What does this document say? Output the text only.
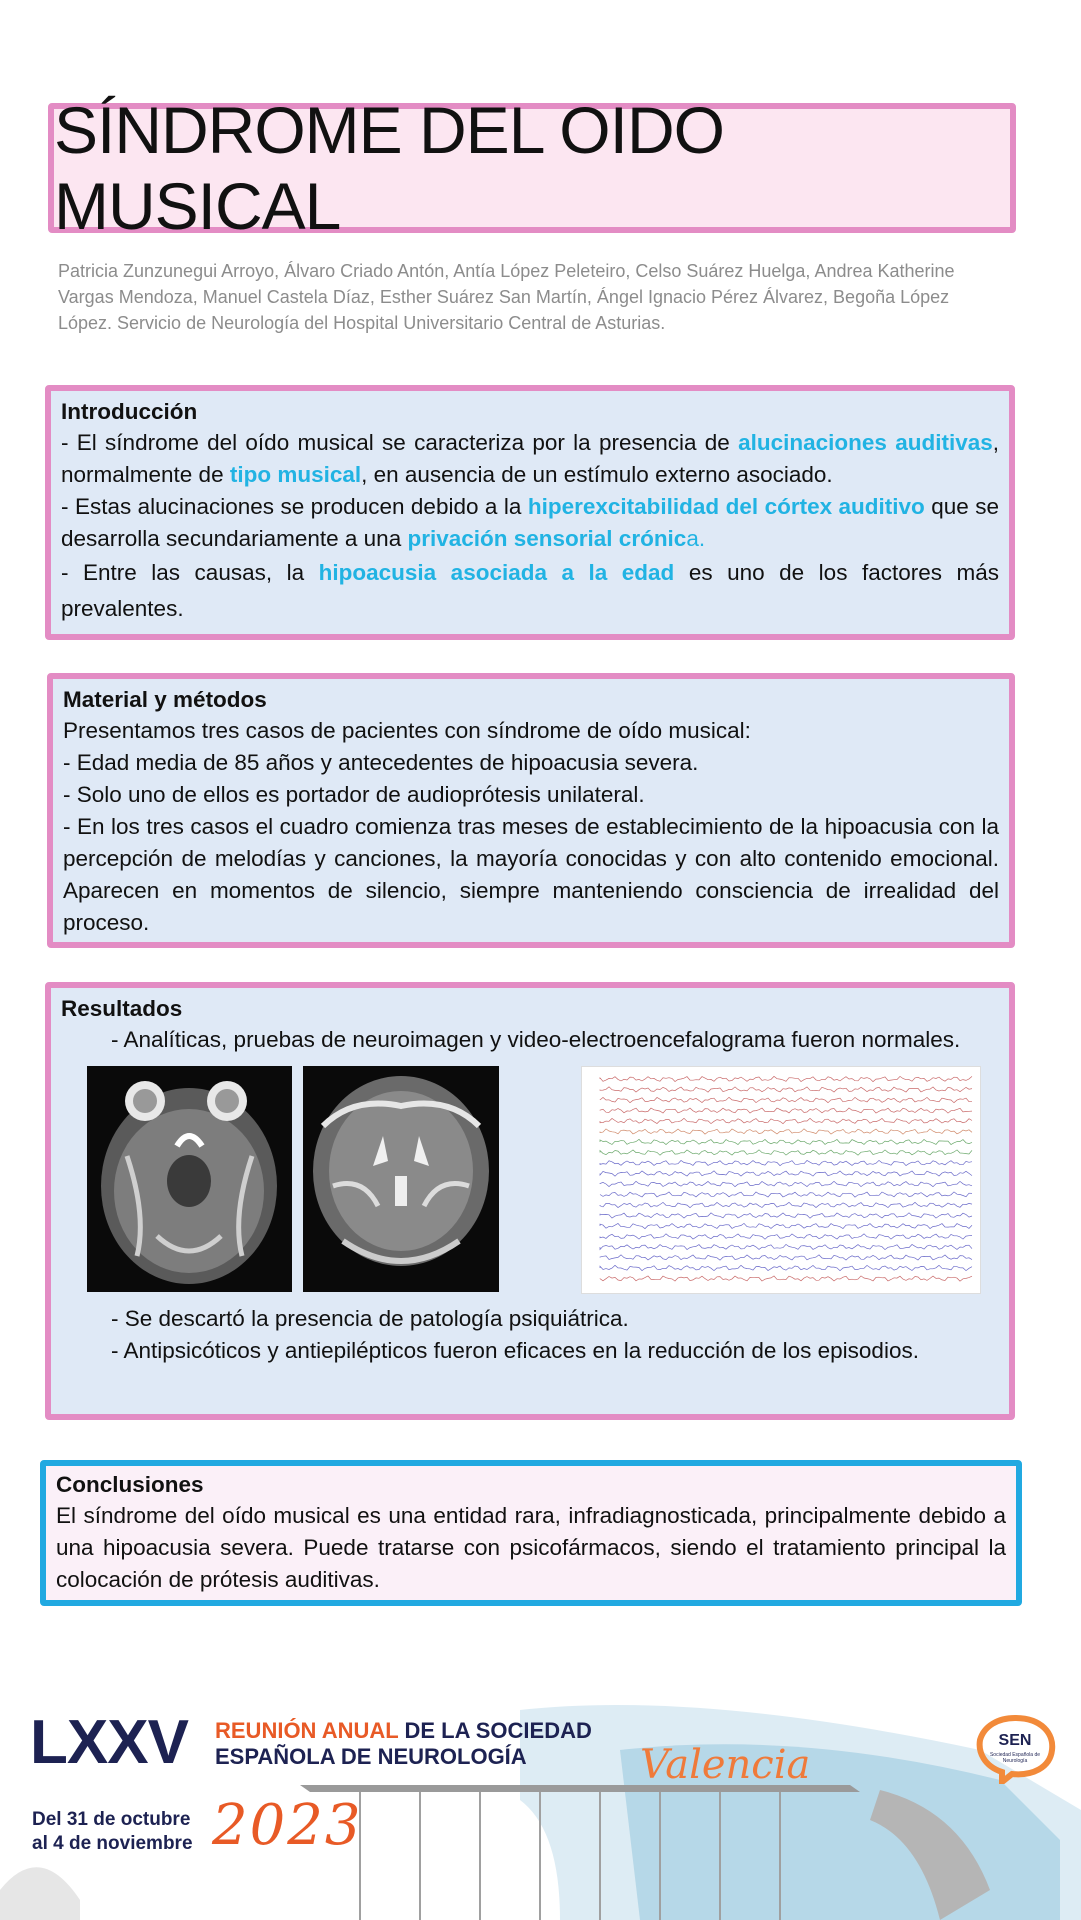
SÍNDROME DEL OIDO MUSICAL
Patricia Zunzunegui Arroyo, Álvaro Criado Antón, Antía López Peleteiro, Celso Suárez Huelga, Andrea Katherine Vargas Mendoza, Manuel Castela Díaz, Esther Suárez San Martín, Ángel Ignacio Pérez Álvarez, Begoña López López. Servicio de Neurología del Hospital Universitario Central de Asturias.
Introducción

- El síndrome del oído musical se caracteriza por la presencia de alucinaciones auditivas, normalmente de tipo musical, en ausencia de un estímulo externo asociado.

- Estas alucinaciones se producen debido a la hiperexcitabilidad del córtex auditivo que se desarrolla secundariamente a una privación sensorial crónica.

- Entre las causas, la hipoacusia asociada a la edad es uno de los factores más prevalentes.

Material y métodos

Presentamos tres casos de pacientes con síndrome de oído musical:

- Edad media de 85 años y antecedentes de hipoacusia severa.

- Solo uno de ellos es portador de audioprótesis unilateral.

- En los tres casos el cuadro comienza tras meses de establecimiento de la hipoacusia con la percepción de melodías y canciones, la mayoría conocidas y con alto contenido emocional. Aparecen en momentos de silencio, siempre manteniendo consciencia de irrealidad del proceso.

Resultados

- Analíticas, pruebas de neuroimagen y video-electroencefalograma fueron normales.

- Se descartó la presencia de patología psiquiátrica.

- Antipsicóticos y antiepilépticos fueron eficaces en la reducción de los episodios.

Conclusiones

El síndrome del oído musical es una entidad rara, infradiagnosticada, principalmente debido a una hipoacusia severa. Puede tratarse con psicofármacos, siendo el tratamiento principal la colocación de prótesis auditivas.

LXXV REUNIÓN ANUAL DE LA SOCIEDAD
ESPAÑOLA DE NEUROLOGÍA	Valencia
Del 31 de octubre
al 4 de noviembre 2023
SEN
Sociedad Española de Neurología
